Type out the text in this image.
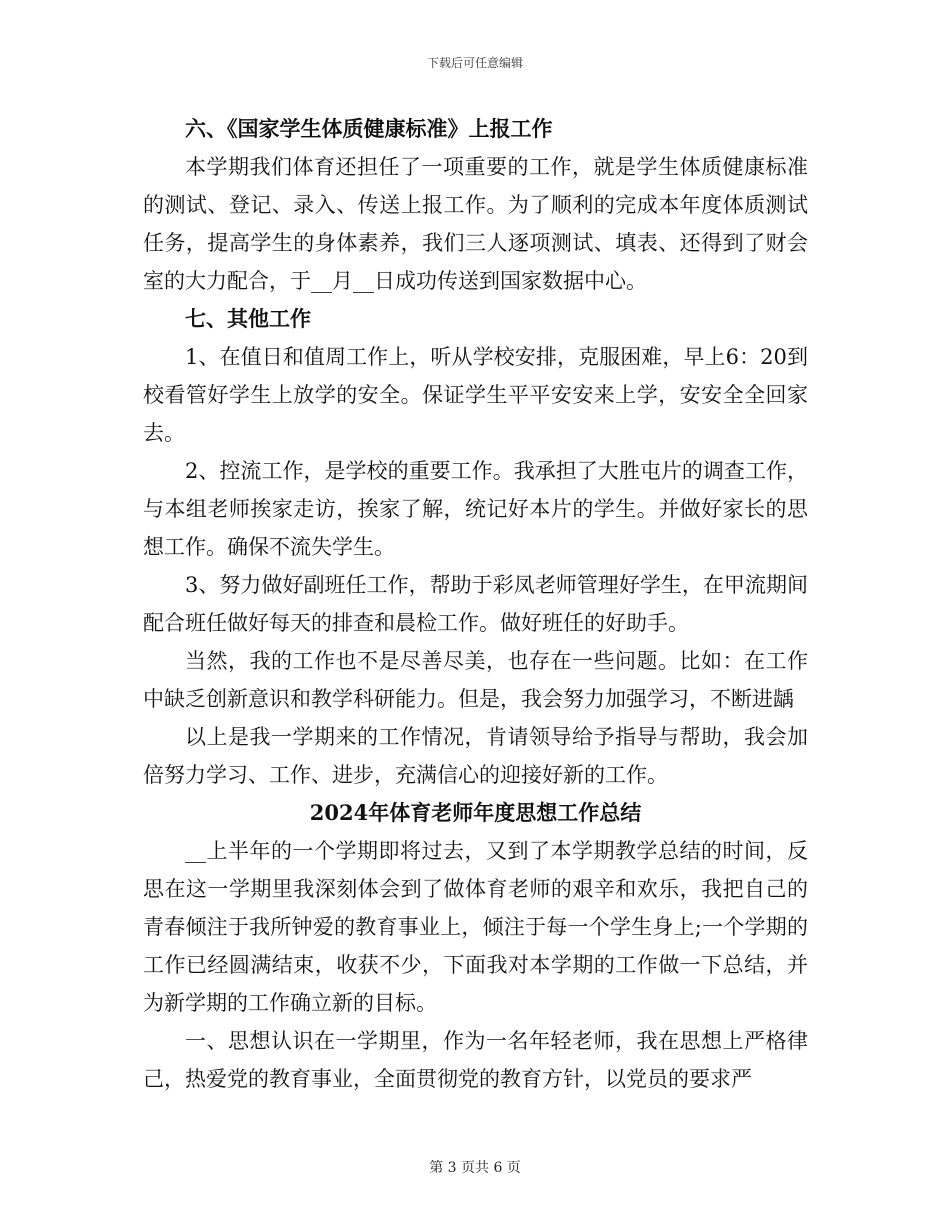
下载后可任意编辑

六、《国家学生体质健康标准》上报工作

本学期我们体育还担任了一项重要的工作，就是学生体质健康标准的测试、登记、录入、传送上报工作。为了顺利的完成本年度体质测试任务，提高学生的身体素养，我们三人逐项测试、填表、还得到了财会室的大力配合，于__月__日成功传送到国家数据中心。

七、其他工作

1、在值日和值周工作上，听从学校安排，克服困难，早上6：20到校看管好学生上放学的安全。保证学生平平安安来上学，安安全全回家去。

2、控流工作，是学校的重要工作。我承担了大胜屯片的调查工作，与本组老师挨家走访，挨家了解，统记好本片的学生。并做好家长的思想工作。确保不流失学生。

3、努力做好副班任工作，帮助于彩凤老师管理好学生，在甲流期间配合班任做好每天的排查和晨检工作。做好班任的好助手。

当然，我的工作也不是尽善尽美，也存在一些问题。比如：在工作中缺乏创新意识和教学科研能力。但是，我会努力加强学习，不断进龋

以上是我一学期来的工作情况，肯请领导给予指导与帮助，我会加倍努力学习、工作、进步，充满信心的迎接好新的工作。

2024年体育老师年度思想工作总结

__上半年的一个学期即将过去，又到了本学期教学总结的时间，反思在这一学期里我深刻体会到了做体育老师的艰辛和欢乐，我把自己的青春倾注于我所钟爱的教育事业上，倾注于每一个学生身上;一个学期的工作已经圆满结束，收获不少，下面我对本学期的工作做一下总结，并为新学期的工作确立新的目标。

一、思想认识在一学期里，作为一名年轻老师，我在思想上严格律己，热爱党的教育事业，全面贯彻党的教育方针，以党员的要求严

第 3 页共 6 页
